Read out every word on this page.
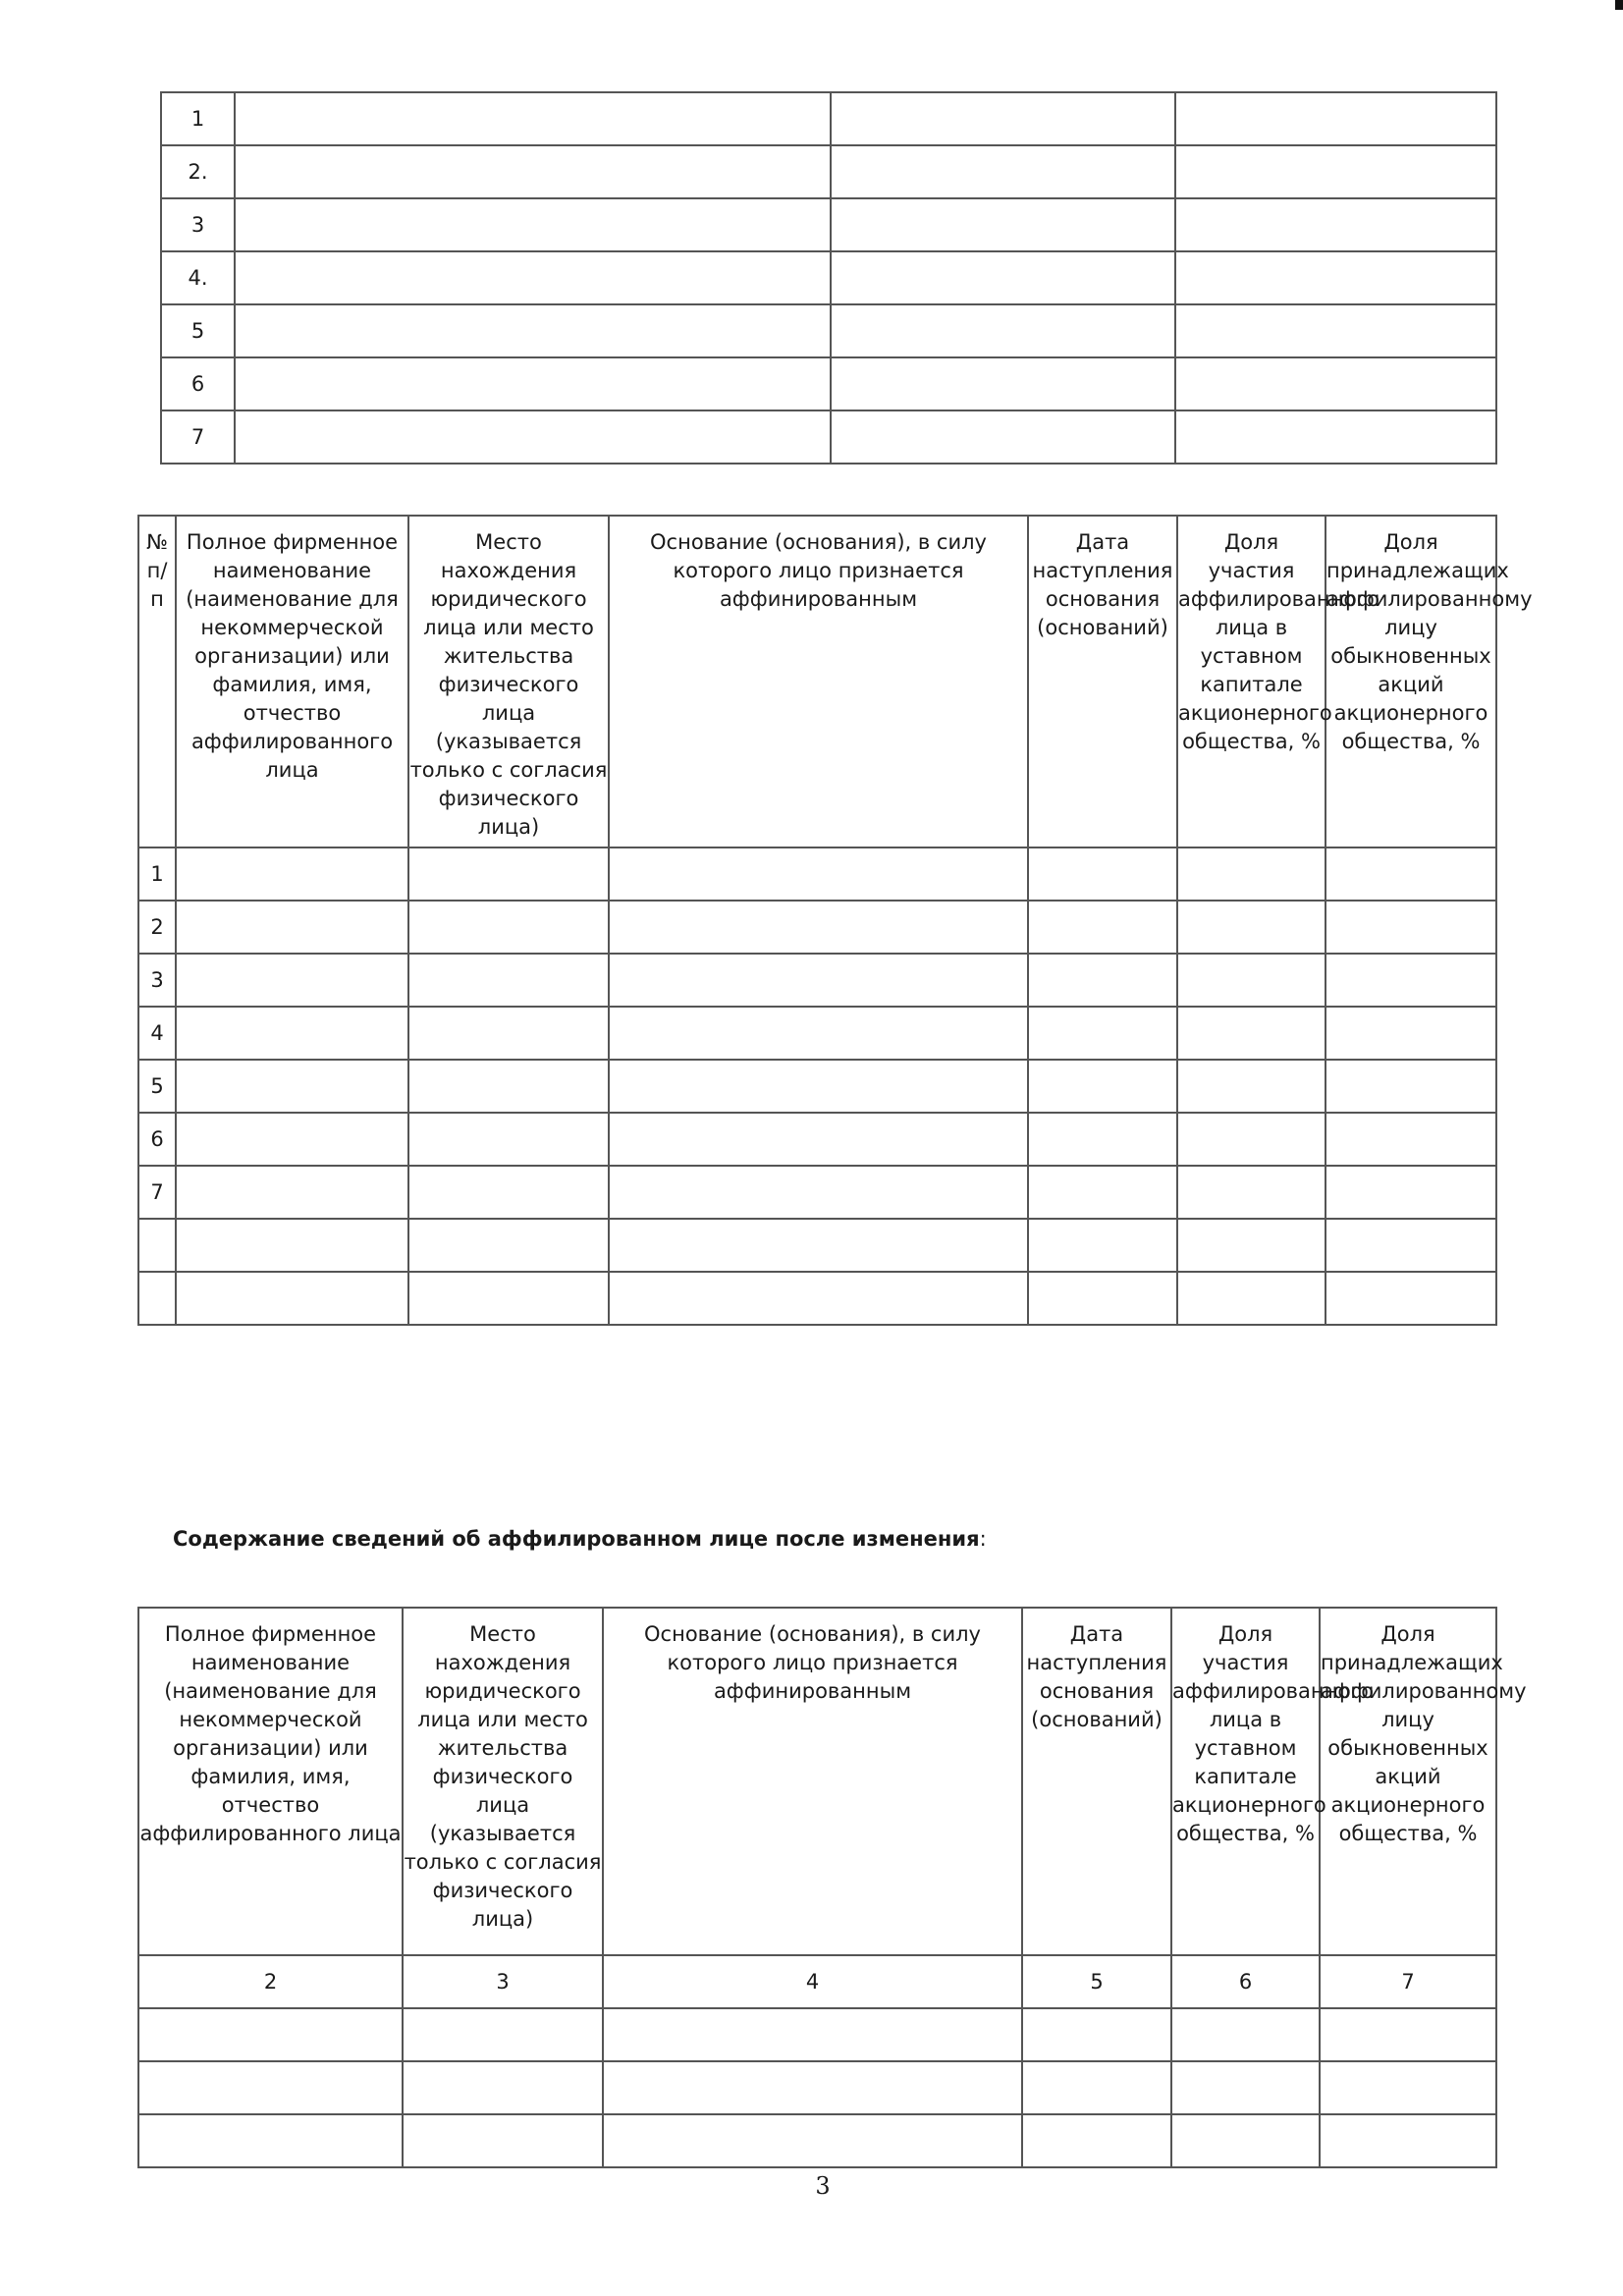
1			
2.			
3			
4.			
5			
6			
7			
№ п/ п	Полное фирменное наименование (наименование для некоммерческой организации) или фамилия, имя, отчество аффилированного лица	Место нахождения юридического лица или место жительства физического лица (указывается только с согласия физического лица)	Основание (основания), в силу которого лицо признается аффинированным	Дата наступления основания (оснований)	Доля участия аффилированного лица в уставном капитале акционерного общества, %	Доля принадлежащих аффилированному лицу обыкновенных акций акционерного общества, %
1						
2						
3						
4						
5						
6						
7						

Содержание сведений об аффилированном лице после изменения:
Полное фирменное наименование (наименование для некоммерческой организации) или фамилия, имя, отчество аффилированного лица	Место нахождения юридического лица или место жительства физического лица (указывается только с согласия физического лица)	Основание (основания), в силу которого лицо признается аффинированным	Дата наступления основания (оснований)	Доля участия аффилированного лица в уставном капитале акционерного общества, %	Доля принадлежащих аффилированному лицу обыкновенных акций акционерного общества, %
2	3	4	5	6	7

3
